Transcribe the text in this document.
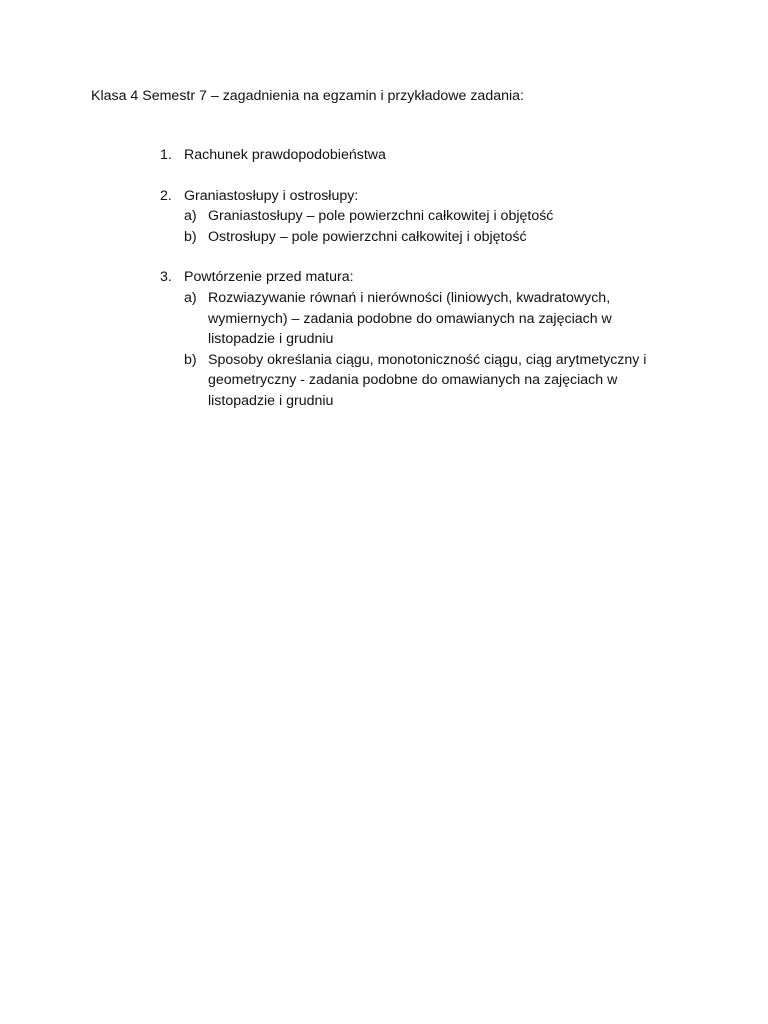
Klasa 4 Semestr 7 – zagadnienia na egzamin i przykładowe zadania:
1. Rachunek prawdopodobieństwa
2. Graniastosłupy i ostrosłupy:
a) Graniastosłupy – pole powierzchni całkowitej i objętość
b) Ostrosłupy – pole powierzchni całkowitej i objętość
3. Powtórzenie przed matura:
a) Rozwiazywanie równań i nierówności (liniowych, kwadratowych, wymiernych) – zadania podobne do omawianych na zajęciach w listopadzie i grudniu
b) Sposoby określania ciągu, monotoniczność ciągu, ciąg arytmetyczny i geometryczny - zadania podobne do omawianych na zajęciach w listopadzie i grudniu
